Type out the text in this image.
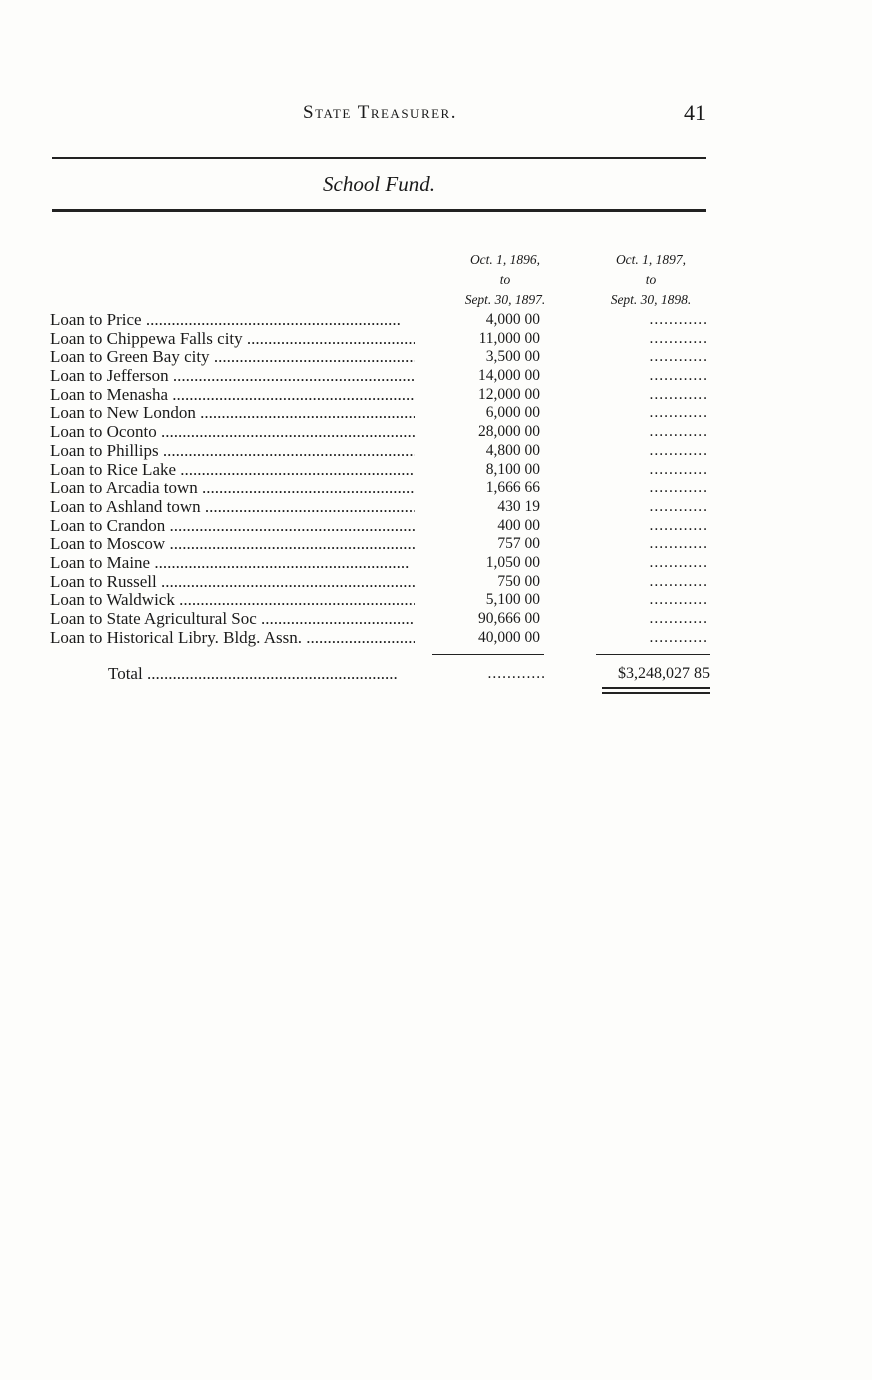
State Treasurer.	41
School Fund.
Oct. 1, 1896,
to
Sept. 30, 1897.
Oct. 1, 1897,
to
Sept. 30, 1898.
Loan to Price .....	4,000 00	............
Loan to Chippewa Falls city .....	11,000 00	............
Loan to Green Bay city .....	3,500 00	............
Loan to Jefferson .....	14,000 00	............
Loan to Menasha .....	12,000 00	............
Loan to New London .....	6,000 00	............
Loan to Oconto .....	28,000 00	............
Loan to Phillips .....	4,800 00	............
Loan to Rice Lake .....	8,100 00	............
Loan to Arcadia town .....	1,666 66	............
Loan to Ashland town .....	430 19	............
Loan to Crandon .....	400 00	............
Loan to Moscow .....	757 00	............
Loan to Maine .....	1,050 00	............
Loan to Russell .....	750 00	............
Loan to Waldwick .....	5,100 00	............
Loan to State Agricultural Soc .....	90,666 00	............
Loan to Historical Libry. Bldg. Assn. .....	40,000 00	............
Total .....	............	$3,248,027 85
